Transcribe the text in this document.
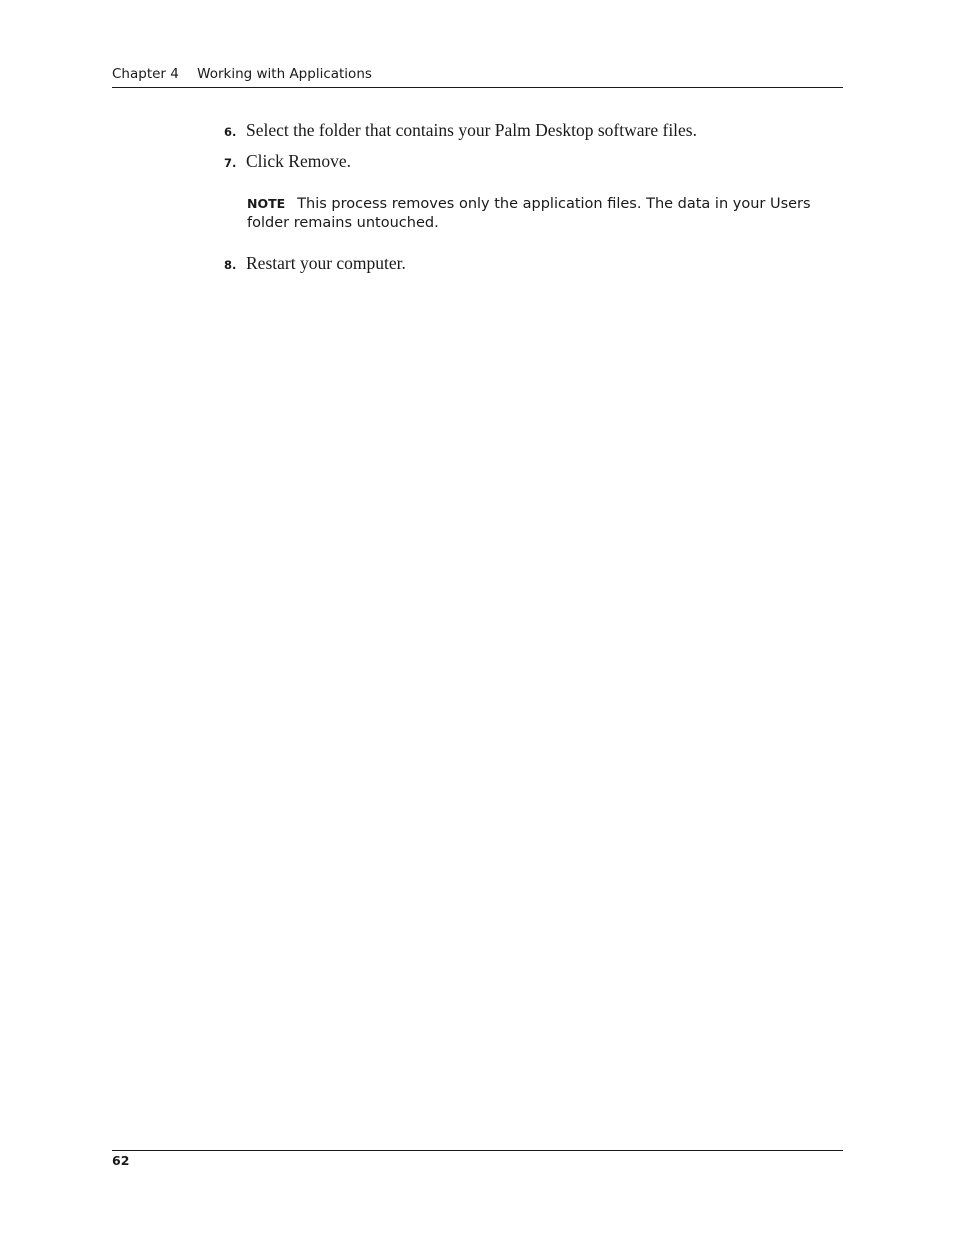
Chapter 4 Working with Applications
6. Select the folder that contains your Palm Desktop software files.
7. Click Remove.
NOTE This process removes only the application files. The data in your Users folder remains untouched.
8. Restart your computer.
62
